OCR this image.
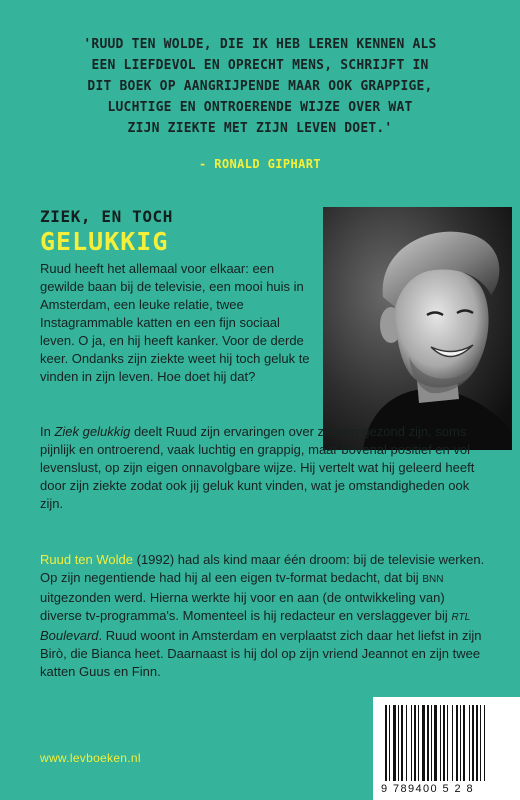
'RUUD TEN WOLDE, DIE IK HEB LEREN KENNEN ALS
EEN LIEFDEVOL EN OPRECHT MENS, SCHRIJFT IN
DIT BOEK OP AANGRIJPENDE MAAR OOK GRAPPIGE,
LUCHTIGE EN ONTROERENDE WIJZE OVER WAT
ZIJN ZIEKTE MET ZIJN LEVEN DOET.'
- RONALD GIPHART
ZIEK, EN TOCH
GELUKKIG

Ruud heeft het allemaal voor elkaar: een gewilde baan bij de televisie, een mooi huis in Amsterdam, een leuke relatie, twee Instagrammable katten en een fijn sociaal leven. O ja, en hij heeft kanker. Voor de derde keer. Ondanks zijn ziekte weet hij toch geluk te vinden in zijn leven. Hoe doet hij dat?

In Ziek gelukkig deelt Ruud zijn ervaringen over ziek en gezond zijn, soms pijnlijk en ontroerend, vaak luchtig en grappig, maar bovenal positief en vol levenslust, op zijn eigen onnavolgbare wijze. Hij vertelt wat hij geleerd heeft door zijn ziekte zodat ook jij geluk kunt vinden, wat je omstandigheden ook zijn.

Ruud ten Wolde (1992) had als kind maar één droom: bij de televisie werken. Op zijn negentiende had hij al een eigen tv-format bedacht, dat bij BNN uitgezonden werd. Hierna werkte hij voor en aan (de ontwikkeling van) diverse tv-programma's. Momenteel is hij redacteur en verslaggever bij RTL Boulevard. Ruud woont in Amsterdam en verplaatst zich daar het liefst in zijn Birò, die Bianca heet. Daarnaast is hij dol op zijn vriend Jeannot en zijn twee katten Guus en Finn.

9 789400 5 2 8
www.levboeken.nl
